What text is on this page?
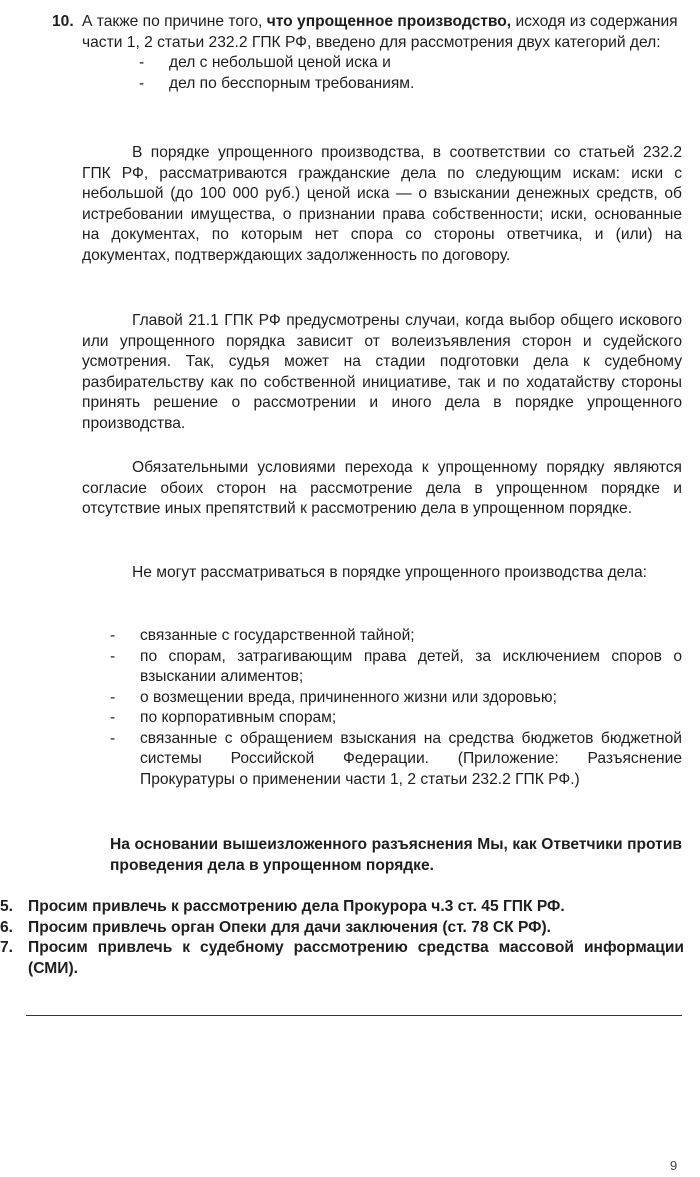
10. А также по причине того, что упрощенное производство, исходя из содержания части 1, 2 статьи 232.2 ГПК РФ, введено для рассмотрения двух категорий дел:
- дел с небольшой ценой иска и
- дел по бесспорным требованиям.

В порядке упрощенного производства, в соответствии со статьей 232.2 ГПК РФ, рассматриваются гражданские дела по следующим искам: иски с небольшой (до 100 000 руб.) ценой иска — о взыскании денежных средств, об истребовании имущества, о признании права собственности; иски, основанные на документах, по которым нет спора со стороны ответчика, и (или) на документах, подтверждающих задолженность по договору.

Главой 21.1 ГПК РФ предусмотрены случаи, когда выбор общего искового или упрощенного порядка зависит от волеизъявления сторон и судейского усмотрения. Так, судья может на стадии подготовки дела к судебному разбирательству как по собственной инициативе, так и по ходатайству стороны принять решение о рассмотрении и иного дела в порядке упрощенного производства.

Обязательными условиями перехода к упрощенному порядку являются согласие обоих сторон на рассмотрение дела в упрощенном порядке и отсутствие иных препятствий к рассмотрению дела в упрощенном порядке.

Не могут рассматриваться в порядке упрощенного производства дела:

- связанные с государственной тайной;
- по спорам, затрагивающим права детей, за исключением споров о взыскании алиментов;
- о возмещении вреда, причиненного жизни или здоровью;
- по корпоративным спорам;
- связанные с обращением взыскания на средства бюджетов бюджетной системы Российской Федерации. (Приложение: Разъяснение Прокуратуры о применении части 1, 2 статьи 232.2 ГПК РФ.)

На основании вышеизложенного разъяснения Мы, как Ответчики против проведения дела в упрощенном порядке.

5. Просим привлечь к рассмотрению дела Прокурора ч.3 ст. 45 ГПК РФ.
6. Просим привлечь орган Опеки для дачи заключения (ст. 78 СК РФ).
7. Просим привлечь к судебному рассмотрению средства массовой информации (СМИ).
9
